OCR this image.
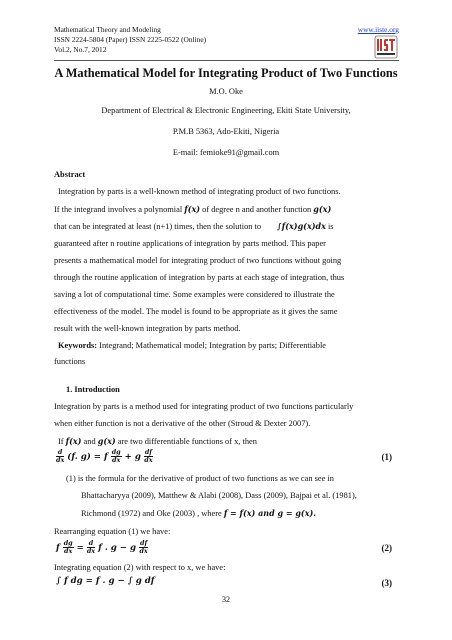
Mathematical Theory and Modeling
ISSN 2224-5804 (Paper) ISSN 2225-0522 (Online)
Vol.2, No.7, 2012
www.iiste.org
A Mathematical Model for Integrating Product of Two Functions
M.O. Oke
Department of Electrical & Electronic Engineering, Ekiti State University,
P.M.B 5363, Ado-Ekiti, Nigeria
E-mail: femioke91@gmail.com
Abstract
Integration by parts is a well-known method of integrating product of two functions.
If the integrand involves a polynomial f(x) of degree n and another function g(x)
that can be integrated at least (n+1) times, then the solution to ∫f(x)g(x)dx is
guaranteed after n routine applications of integration by parts method. This paper
presents a mathematical model for integrating product of two functions without going
through the routine application of integration by parts at each stage of integration, thus
saving a lot of computational time. Some examples were considered to illustrate the
effectiveness of the model. The model is found to be appropriate as it gives the same
result with the well-known integration by parts method.
Keywords: Integrand; Mathematical model; Integration by parts; Differentiable
functions
1. Introduction
Integration by parts is a method used for integrating product of two functions particularly
when either function is not a derivative of the other (Stroud & Dexter 2007).
If f(x) and g(x) are two differentiable functions of x, then
$\frac{d}{dx} (f$. g) = f $\frac{dg}{dx} + g \frac{df}{dx}$	(1)
(1) is the formula for the derivative of product of two functions as we can see in
Bhattacharyya (2009), Matthew & Alabi (2008), Dass (2009), Bajpai et al. (1981),
Richmond (1972) and Oke (2003) , where f = f(x) and g = g(x).
Rearranging equation (1) we have:
f $\frac{dg}{dx} = \frac{d}{dx}$ f . g − g $\frac{df}{dx}$	(2)
Integrating equation (2) with respect to x, we have:
∫ f dg = f . g − ∫ g df	(3)
32
